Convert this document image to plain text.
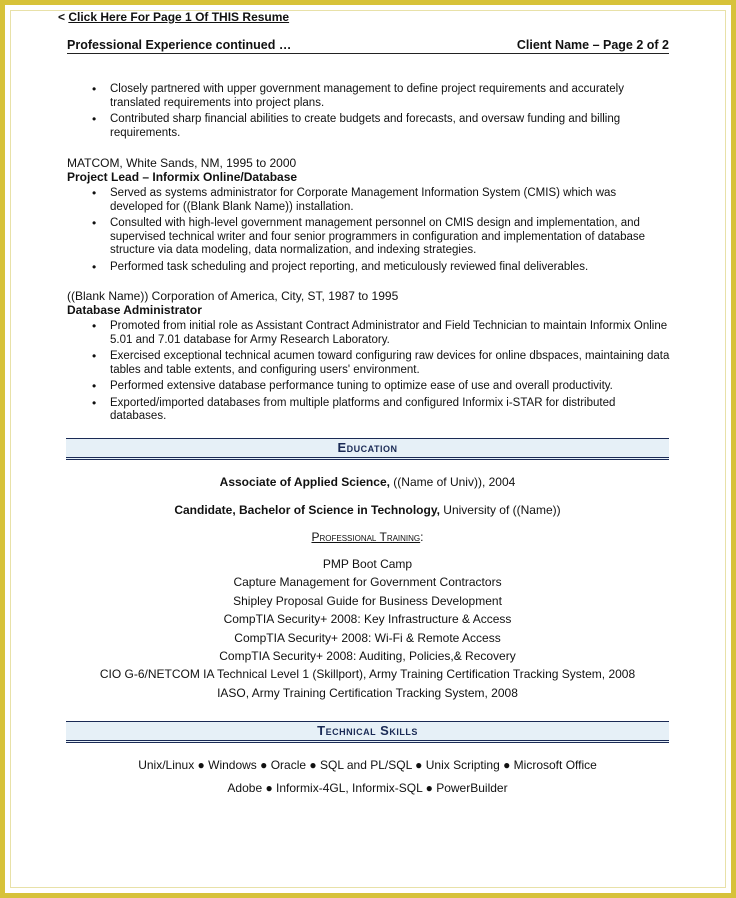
< Click Here For Page 1 Of THIS Resume
Professional Experience continued …	Client Name – Page 2 of 2
• Closely partnered with upper government management to define project requirements and accurately translated requirements into project plans.
• Contributed sharp financial abilities to create budgets and forecasts, and oversaw funding and billing requirements.
MATCOM, White Sands, NM, 1995 to 2000
Project Lead – Informix Online/Database
• Served as systems administrator for Corporate Management Information System (CMIS) which was developed for ((Blank Blank Name)) installation.
• Consulted with high-level government management personnel on CMIS design and implementation, and supervised technical writer and four senior programmers in configuration and implementation of database structure via data modeling, data normalization, and indexing strategies.
• Performed task scheduling and project reporting, and meticulously reviewed final deliverables.
((Blank Name)) Corporation of America, City, ST, 1987 to 1995
Database Administrator
• Promoted from initial role as Assistant Contract Administrator and Field Technician to maintain Informix Online 5.01 and 7.01 database for Army Research Laboratory.
• Exercised exceptional technical acumen toward configuring raw devices for online dbspaces, maintaining data tables and table extents, and configuring users' environment.
• Performed extensive database performance tuning to optimize ease of use and overall productivity.
• Exported/imported databases from multiple platforms and configured Informix i-STAR for distributed databases.
Education
Associate of Applied Science, ((Name of Univ)), 2004
Candidate, Bachelor of Science in Technology, University of ((Name))
Professional Training:
PMP Boot Camp
Capture Management for Government Contractors
Shipley Proposal Guide for Business Development
CompTIA Security+ 2008: Key Infrastructure & Access
CompTIA Security+ 2008: Wi-Fi & Remote Access
CompTIA Security+ 2008: Auditing, Policies,& Recovery
CIO G-6/NETCOM IA Technical Level 1 (Skillport), Army Training Certification Tracking System, 2008
IASO, Army Training Certification Tracking System, 2008
Technical Skills
Unix/Linux ● Windows ● Oracle ● SQL and PL/SQL ● Unix Scripting ● Microsoft Office
Adobe ● Informix-4GL, Informix-SQL ● PowerBuilder
